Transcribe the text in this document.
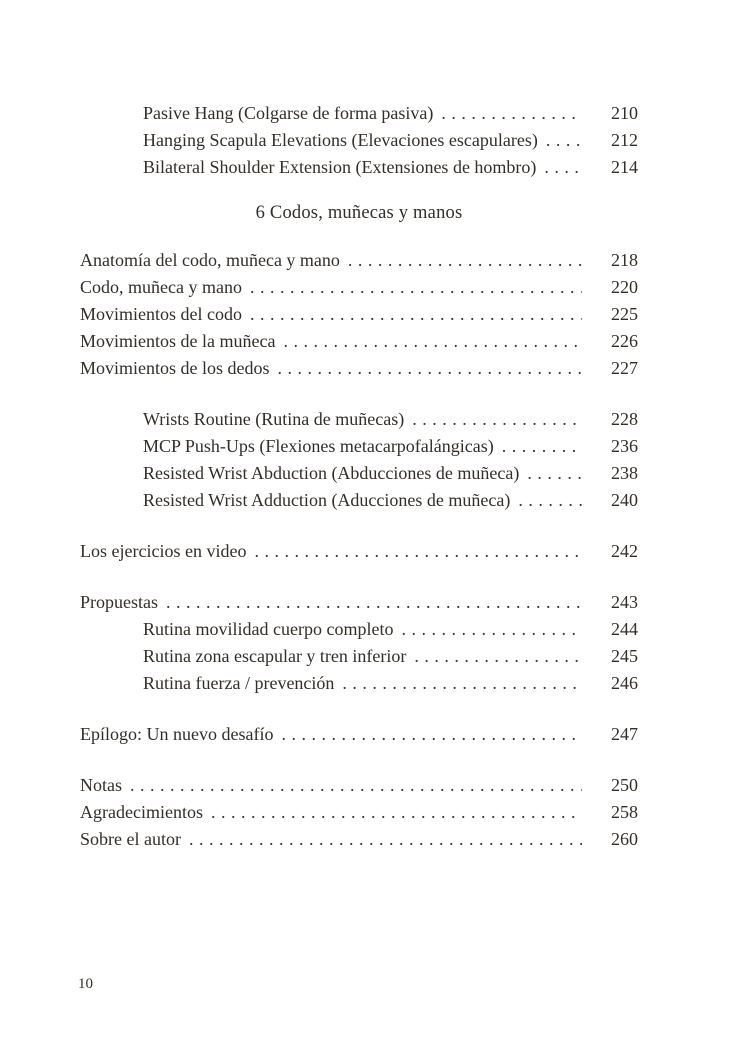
Pasive Hang (Colgarse de forma pasiva) .....	210
Hanging Scapula Elevations (Elevaciones escapulares) .....	212
Bilateral Shoulder Extension (Extensiones de hombro) .....	214
6 Codos, muñecas y manos
Anatomía del codo, muñeca y mano .....	218
Codo, muñeca y mano .....	220
Movimientos del codo .....	225
Movimientos de la muñeca .....	226
Movimientos de los dedos .....	227
Wrists Routine (Rutina de muñecas) .....	228
MCP Push-Ups (Flexiones metacarpofalángicas) .....	236
Resisted Wrist Abduction (Abducciones de muñeca) .....	238
Resisted Wrist Adduction (Aducciones de muñeca) .....	240
Los ejercicios en video .....	242
Propuestas .....	243
Rutina movilidad cuerpo completo .....	244
Rutina zona escapular y tren inferior .....	245
Rutina fuerza / prevención .....	246
Epílogo: Un nuevo desafío .....	247
Notas .....	250
Agradecimientos .....	258
Sobre el autor .....	260
10
